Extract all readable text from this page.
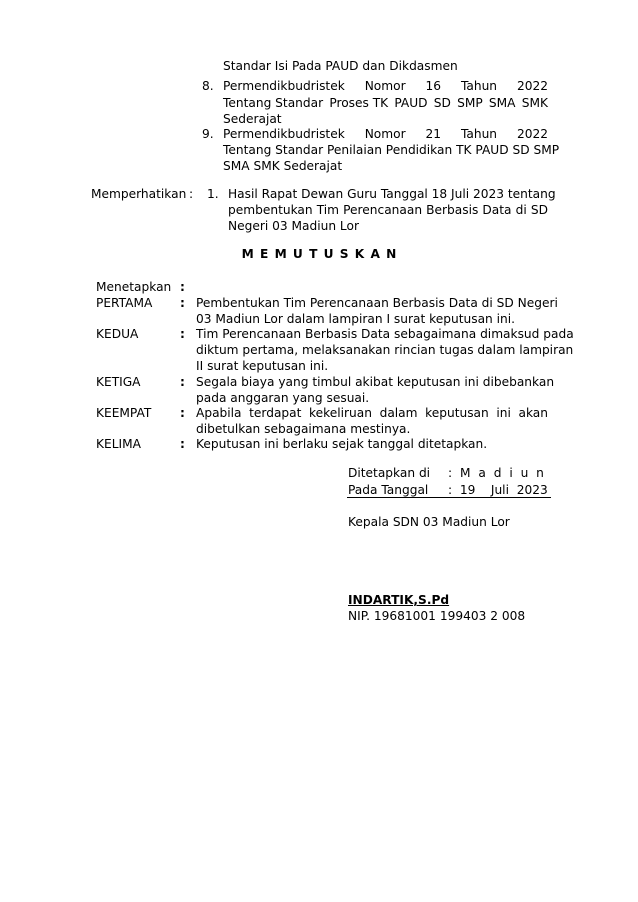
Standar Isi Pada PAUD dan Dikdasmen
8. Permendikbudristek Nomor 16 Tahun 2022
Tentang Standar Proses TK PAUD SD SMP SMA SMK
Sederajat
9. Permendikbudristek Nomor 21 Tahun 2022
Tentang Standar Penilaian Pendidikan TK PAUD SD SMP
SMA SMK Sederajat
Memperhatikan : 1. Hasil Rapat Dewan Guru Tanggal 18 Juli 2023 tentang
pembentukan Tim Perencanaan Berbasis Data di SD
Negeri 03 Madiun Lor
M E M U T U S K A N
Menetapkan :
PERTAMA : Pembentukan Tim Perencanaan Berbasis Data di SD Negeri
03 Madiun Lor dalam lampiran I surat keputusan ini.
KEDUA	: Tim Perencanaan Berbasis Data sebagaimana dimaksud pada
diktum pertama, melaksanakan rincian tugas dalam lampiran
II surat keputusan ini.
KETIGA	: Segala biaya yang timbul akibat keputusan ini dibebankan
pada anggaran yang sesuai.
KEEMPAT : Apabila terdapat kekeliruan dalam keputusan ini akan
dibetulkan sebagaimana mestinya.
KELIMA	: Keputusan ini berlaku sejak tanggal ditetapkan.
Ditetapkan di : M a d i u n
Pada Tanggal :  19    Juli  2023
Kepala SDN 03 Madiun Lor
INDARTIK,S.Pd
NIP. 19681001 199403 2 008
